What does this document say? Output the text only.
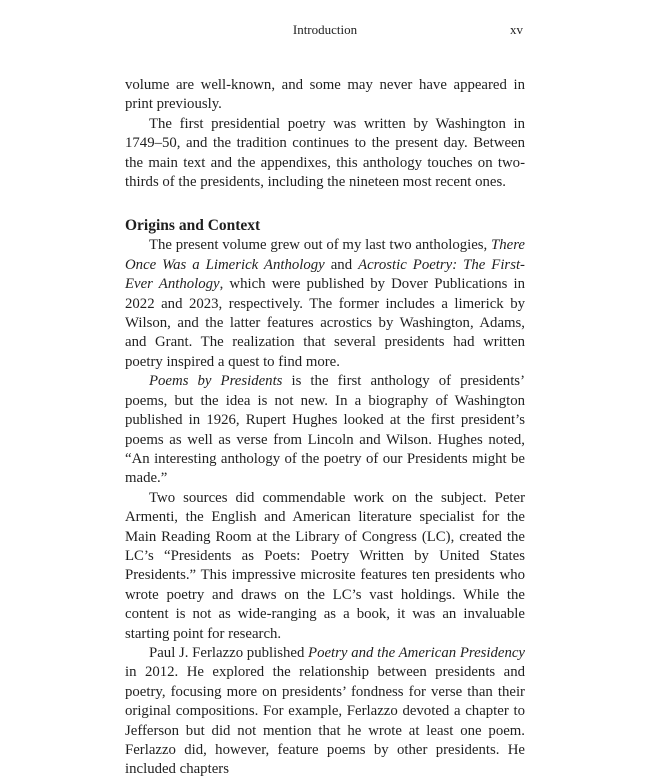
Introduction	xv

volume are well-known, and some may never have appeared in print previously.

The first presidential poetry was written by Washington in 1749–50, and the tradition continues to the present day. Between the main text and the appendixes, this anthology touches on two-thirds of the presidents, including the nineteen most recent ones.

Origins and Context

The present volume grew out of my last two anthologies, There Once Was a Limerick Anthology and Acrostic Poetry: The First-Ever Anthology, which were published by Dover Publications in 2022 and 2023, respectively. The former includes a limerick by Wilson, and the latter features acrostics by Washington, Adams, and Grant. The realization that several presidents had written poetry inspired a quest to find more.

Poems by Presidents is the first anthology of presidents’ poems, but the idea is not new. In a biography of Washington published in 1926, Rupert Hughes looked at the first president’s poems as well as verse from Lincoln and Wilson. Hughes noted, “An interesting anthology of the poetry of our Presidents might be made.”

Two sources did commendable work on the subject. Peter Armenti, the English and American literature specialist for the Main Reading Room at the Library of Congress (LC), created the LC’s “Presidents as Poets: Poetry Written by United States Presidents.” This impressive microsite features ten presidents who wrote poetry and draws on the LC’s vast holdings. While the content is not as wide-ranging as a book, it was an invaluable starting point for research.

Paul J. Ferlazzo published Poetry and the American Presidency in 2012. He explored the relationship between presidents and poetry, focusing more on presidents’ fondness for verse than their original compositions. For example, Ferlazzo devoted a chapter to Jefferson but did not mention that he wrote at least one poem. Ferlazzo did, however, feature poems by other presidents. He included chapters
